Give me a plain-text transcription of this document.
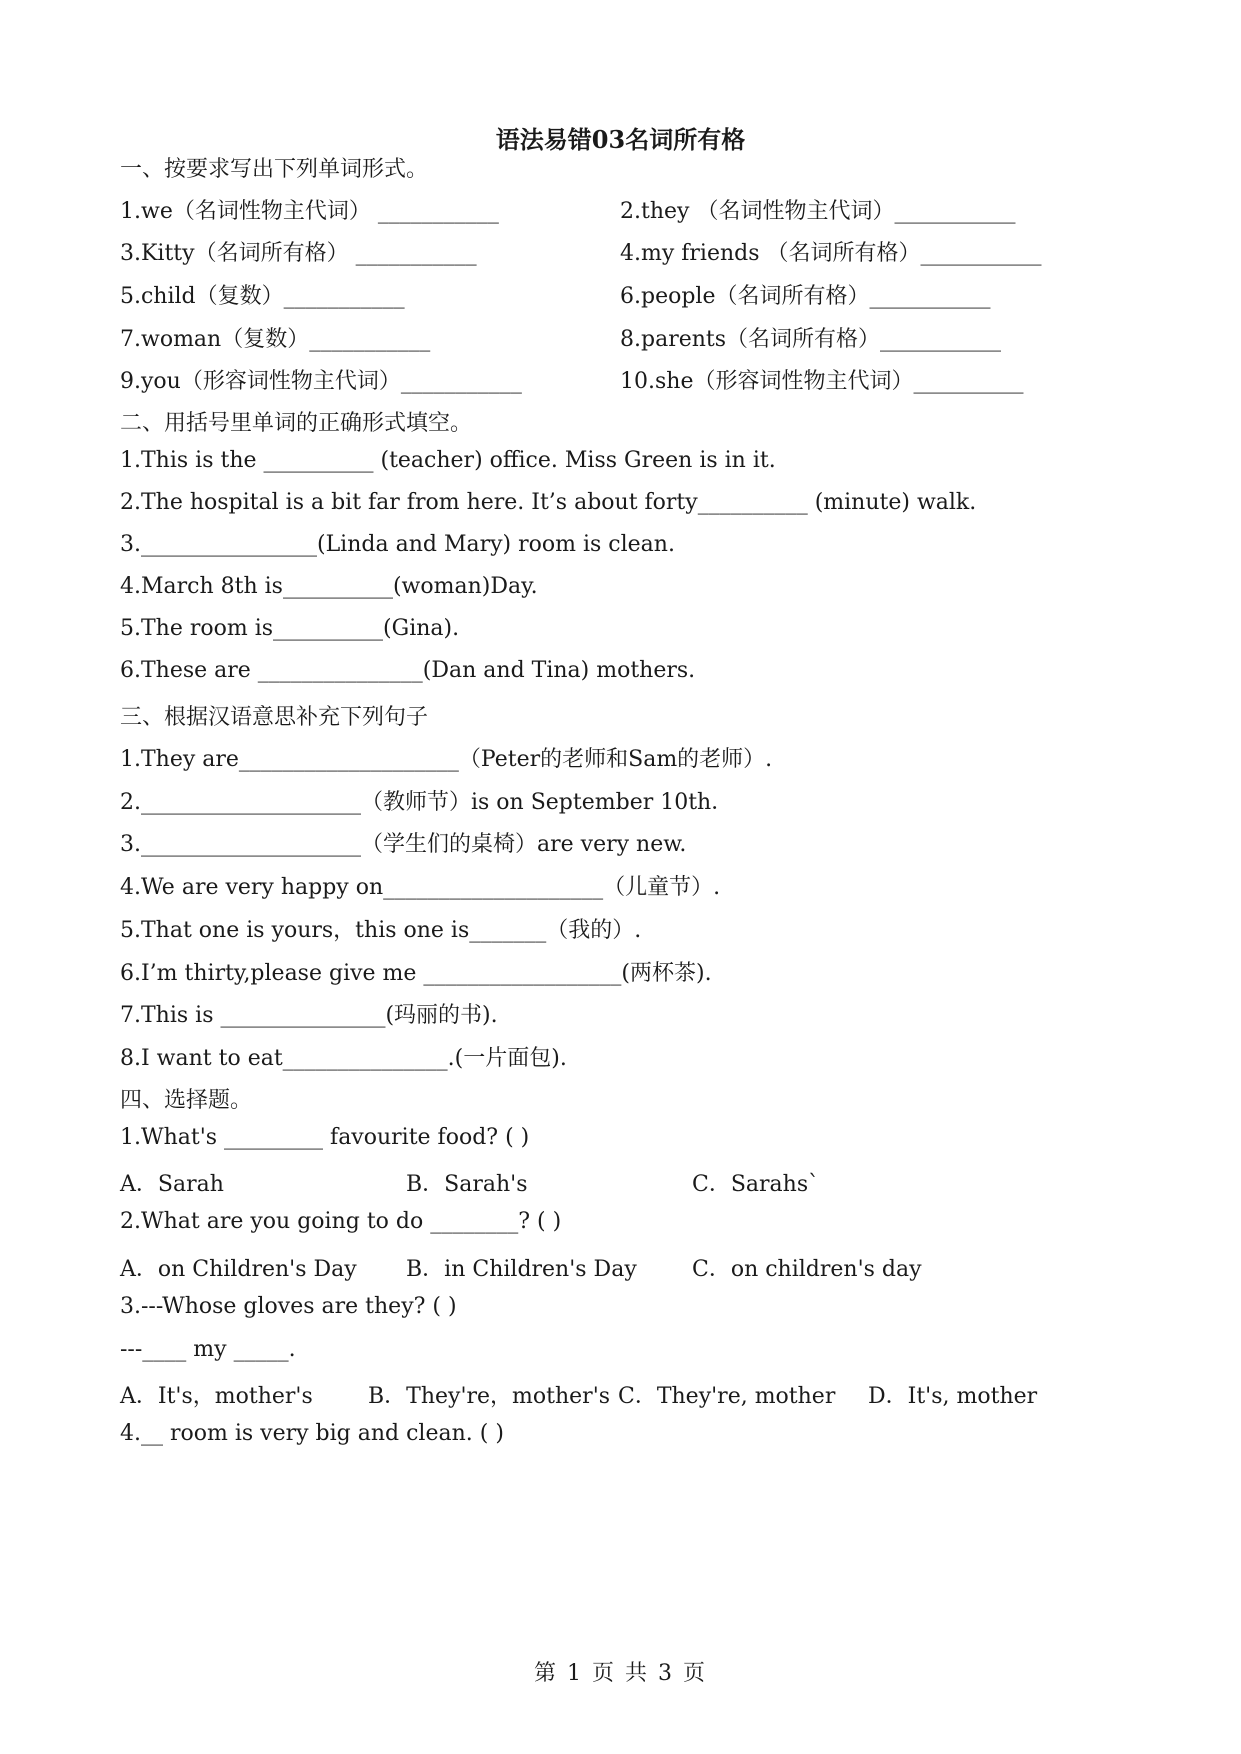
语法易错03名词所有格
一、按要求写出下列单词形式。
1.we（名词性物主代词） ___________	2.they （名词性物主代词）___________
3.Kitty（名词所有格） ___________	4.my friends （名词所有格）___________
5.child（复数）___________	6.people（名词所有格）___________
7.woman（复数）___________	8.parents（名词所有格）___________
9.you（形容词性物主代词）___________	10.she（形容词性物主代词）__________
二、用括号里单词的正确形式填空。
1.This is the __________ (teacher) office. Miss Green is in it.
2.The hospital is a bit far from here. It’s about forty__________ (minute) walk.
3.________________(Linda and Mary) room is clean.
4.March 8th is__________(woman)Day.
5.The room is__________(Gina).
6.These are _______________(Dan and Tina) mothers.
三、根据汉语意思补充下列句子
1.They are____________________（Peter的老师和Sam的老师）.
2.____________________（教师节）is on September 10th．
3.____________________（学生们的桌椅）are very new.
4.We are very happy on____________________（儿童节）.
5.That one is yours，this one is_______（我的）.
6.I’m thirty,please give me __________________(两杯茶).
7.This is _______________(玛丽的书).
8.I want to eat_______________.(一片面包).
四、选择题。
1.What's _________ favourite food? ( )
A．Sarah	B．Sarah's	C．Sarahs`
2.What are you going to do ________? ( )
A．on Children's Day B．in Children's Day	C．on children's day
3.---Whose gloves are they? ( )
---____ my _____.
A．It's，mother's	B．They're，mother's C．They're, mother D．It's, mother
4.__ room is very big and clean. ( )
第 1 页 共 3 页
